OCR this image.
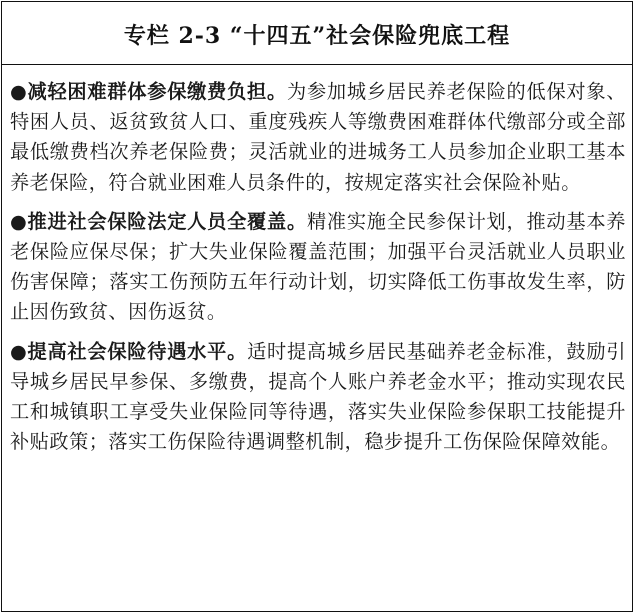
专栏 2-3 “十四五”社会保险兜底工程

●减轻困难群体参保缴费负担。为参加城乡居民养老保险的低保对象、特困人员、返贫致贫人口、重度残疾人等缴费困难群体代缴部分或全部最低缴费档次养老保险费；灵活就业的进城务工人员参加企业职工基本养老保险，符合就业困难人员条件的，按规定落实社会保险补贴。

●推进社会保险法定人员全覆盖。精准实施全民参保计划，推动基本养老保险应保尽保；扩大失业保险覆盖范围；加强平台灵活就业人员职业伤害保障；落实工伤预防五年行动计划，切实降低工伤事故发生率，防止因伤致贫、因伤返贫。

●提高社会保险待遇水平。适时提高城乡居民基础养老金标准，鼓励引导城乡居民早参保、多缴费，提高个人账户养老金水平；推动实现农民工和城镇职工享受失业保险同等待遇，落实失业保险参保职工技能提升补贴政策；落实工伤保险待遇调整机制，稳步提升工伤保险保障效能。
